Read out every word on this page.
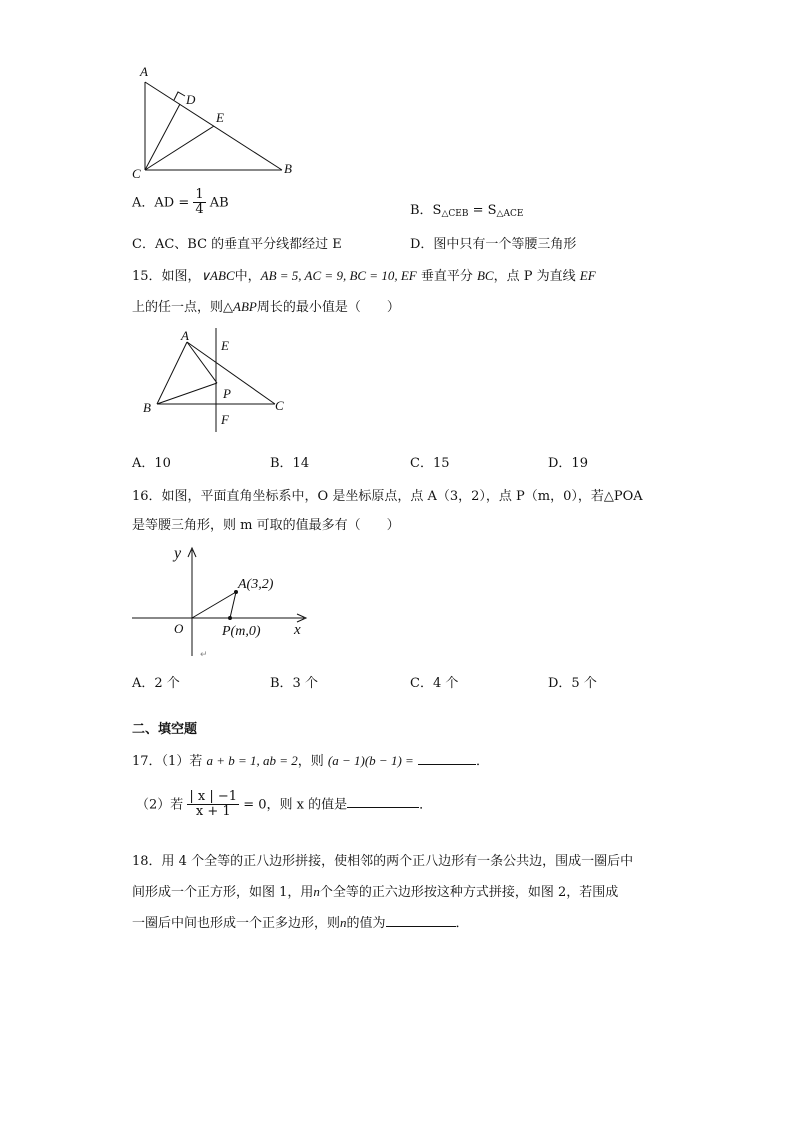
A
D
E
C	B
A．AD = $\frac{1}{4}$ AB
B．$S_{\triangle CEB} = S_{\triangle ACE}$
C．AC、BC 的垂直平分线都经过 E	D．图中只有一个等腰三角形
15．如图，∨ABC中，AB = 5, AC = 9, BC = 10, EF 垂直平分 BC，点 P 为直线 EF
上的任一点，则△ABP周长的最小值是（　　）
A
E
P
B	C
F
A．10	B．14	C．15	D．19
16．如图，平面直角坐标系中，O 是坐标原点，点 A（3，2），点 P（m，0），若△POA
是等腰三角形，则 m 可取的值最多有（　　）
y
x
O
A(3,2)
P(m,0)
↵
A．2 个	B．3 个	C．4 个	D．5 个
二、填空题
17．（1）若 a + b = 1, ab = 2，则 (a − 1)(b − 1) =	．
（2）若 $\frac{| x | -1}{x + 1} = 0$，则 x 的值是	．
18．用 4 个全等的正八边形拼接，使相邻的两个正八边形有一条公共边，围成一圈后中
间形成一个正方形，如图 1，用n个全等的正六边形按这种方式拼接，如图 2，若围成
一圈后中间也形成一个正多边形，则n的值为	．
